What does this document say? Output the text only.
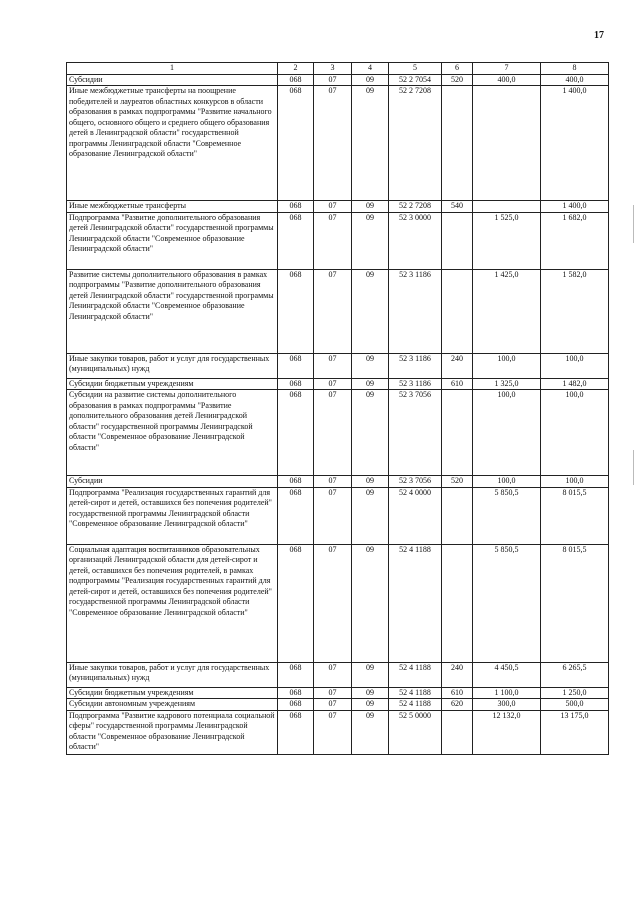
17
1	2	3	4	5	6	7	8
Субсидии	068	07	09	52 2 7054	520	400,0	400,0
Иные межбюджетные трансферты на поощрение победителей и лауреатов областных конкурсов в области образования в рамках подпрограммы "Развитие начального общего, основного общего и среднего общего образования детей в Ленинградской области" государственной программы Ленинградской области "Современное образование Ленинградской области"	068	07	09	52 2 7208			1 400,0
Иные межбюджетные трансферты	068	07	09	52 2 7208	540		1 400,0
Подпрограмма "Развитие дополнительного образования детей Ленинградской области" государственной программы Ленинградской области "Современное образование Ленинградской области"	068	07	09	52 3 0000		1 525,0	1 682,0
Развитие системы дополнительного образования в рамках подпрограммы "Развитие дополнительного образования детей Ленинградской области" государственной программы Ленинградской области "Современное образование Ленинградской области"	068	07	09	52 3 1186		1 425,0	1 582,0
Иные закупки товаров, работ и услуг для государственных (муниципальных) нужд	068	07	09	52 3 1186	240	100,0	100,0
Субсидии бюджетным учреждениям	068	07	09	52 3 1186	610	1 325,0	1 482,0
Субсидии на развитие системы дополнительного образования в рамках подпрограммы "Развитие дополнительного образования детей Ленинградской области" государственной программы Ленинградской области "Современное образование Ленинградской области"	068	07	09	52 3 7056		100,0	100,0
Субсидии	068	07	09	52 3 7056	520	100,0	100,0
Подпрограмма "Реализация государственных гарантий для детей-сирот и детей, оставшихся без попечения родителей" государственной программы Ленинградской области "Современное образование Ленинградской области"	068	07	09	52 4 0000		5 850,5	8 015,5
Социальная адаптация воспитанников образовательных организаций Ленинградской области для детей-сирот и детей, оставшихся без попечения родителей, в рамках подпрограммы "Реализация государственных гарантий для детей-сирот и детей, оставшихся без попечения родителей" государственной программы Ленинградской области "Современное образование Ленинградской области"	068	07	09	52 4 1188		5 850,5	8 015,5
Иные закупки товаров, работ и услуг для государственных (муниципальных) нужд	068	07	09	52 4 1188	240	4 450,5	6 265,5
Субсидии бюджетным учреждениям	068	07	09	52 4 1188	610	1 100,0	1 250,0
Субсидии автономным учреждениям	068	07	09	52 4 1188	620	300,0	500,0
Подпрограмма "Развитие кадрового потенциала социальной сферы" государственной программы Ленинградской области "Современное образование Ленинградской области"	068	07	09	52 5 0000		12 132,0	13 175,0
